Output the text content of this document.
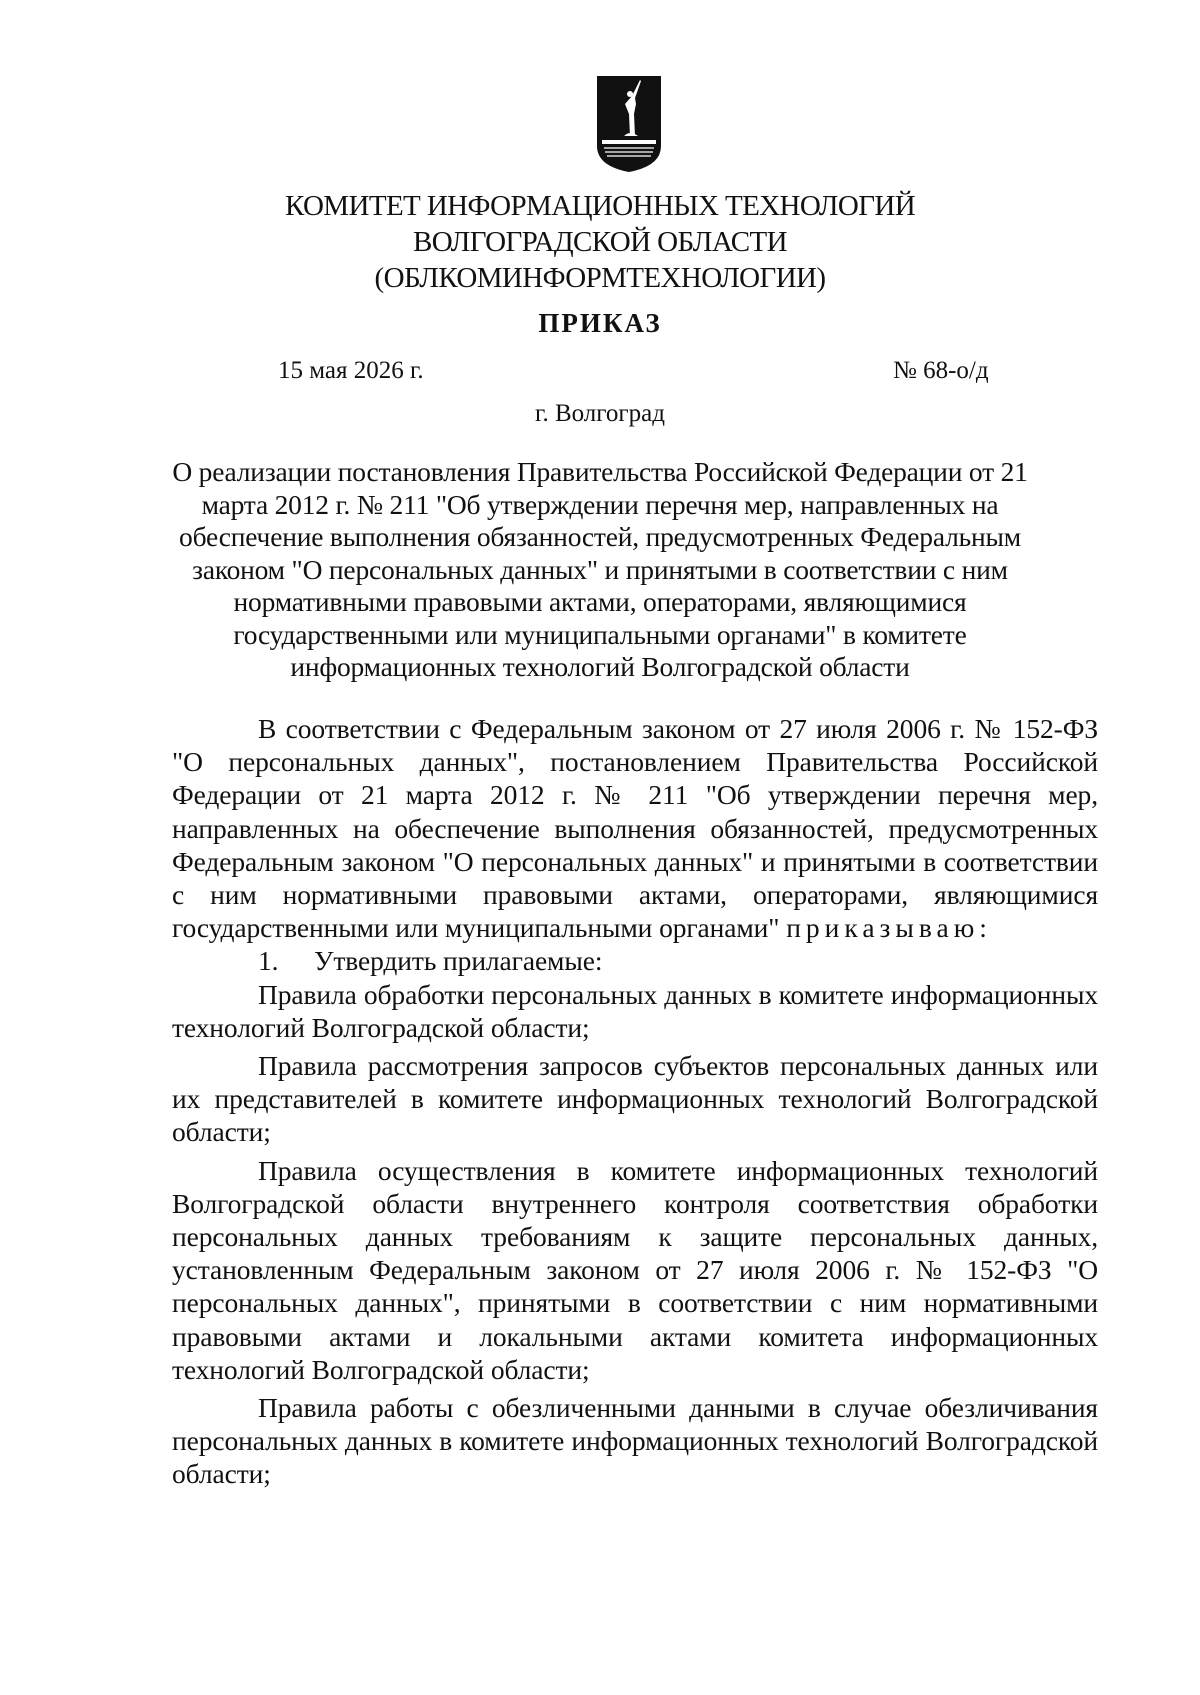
КОМИТЕТ ИНФОРМАЦИОННЫХ ТЕХНОЛОГИЙ
ВОЛГОГРАДСКОЙ ОБЛАСТИ
(ОБЛКОМИНФОРМТЕХНОЛОГИИ)
ПРИКАЗ
15 мая 2026 г.	№ 68-о/д
г. Волгоград
О реализации постановления Правительства Российской Федерации от 21 марта 2012 г. № 211 "Об утверждении перечня мер, направленных на обеспечение выполнения обязанностей, предусмотренных Федеральным законом "О персональных данных" и принятыми в соответствии с ним нормативными правовыми актами, операторами, являющимися государственными или муниципальными органами" в комитете информационных технологий Волгоградской области

В соответствии с Федеральным законом от 27 июля 2006 г. № 152-ФЗ "О персональных данных", постановлением Правительства Российской Федерации от 21 марта 2012 г. № 211 "Об утверждении перечня мер, направленных на обеспечение выполнения обязанностей, предусмотренных Федеральным законом "О персональных данных" и принятыми в соответствии с ним нормативными правовыми актами, операторами, являющимися государственными или муниципальными органами" приказываю:

1. Утвердить прилагаемые:

Правила обработки персональных данных в комитете информационных технологий Волгоградской области;

Правила рассмотрения запросов субъектов персональных данных или их представителей в комитете информационных технологий Волгоградской области;

Правила осуществления в комитете информационных технологий Волгоградской области внутреннего контроля соответствия обработки персональных данных требованиям к защите персональных данных, установленным Федеральным законом от 27 июля 2006 г. № 152-ФЗ "О персональных данных", принятыми в соответствии с ним нормативными правовыми актами и локальными актами комитета информационных технологий Волгоградской области;

Правила работы с обезличенными данными в случае обезличивания персональных данных в комитете информационных технологий Волгоградской области;
